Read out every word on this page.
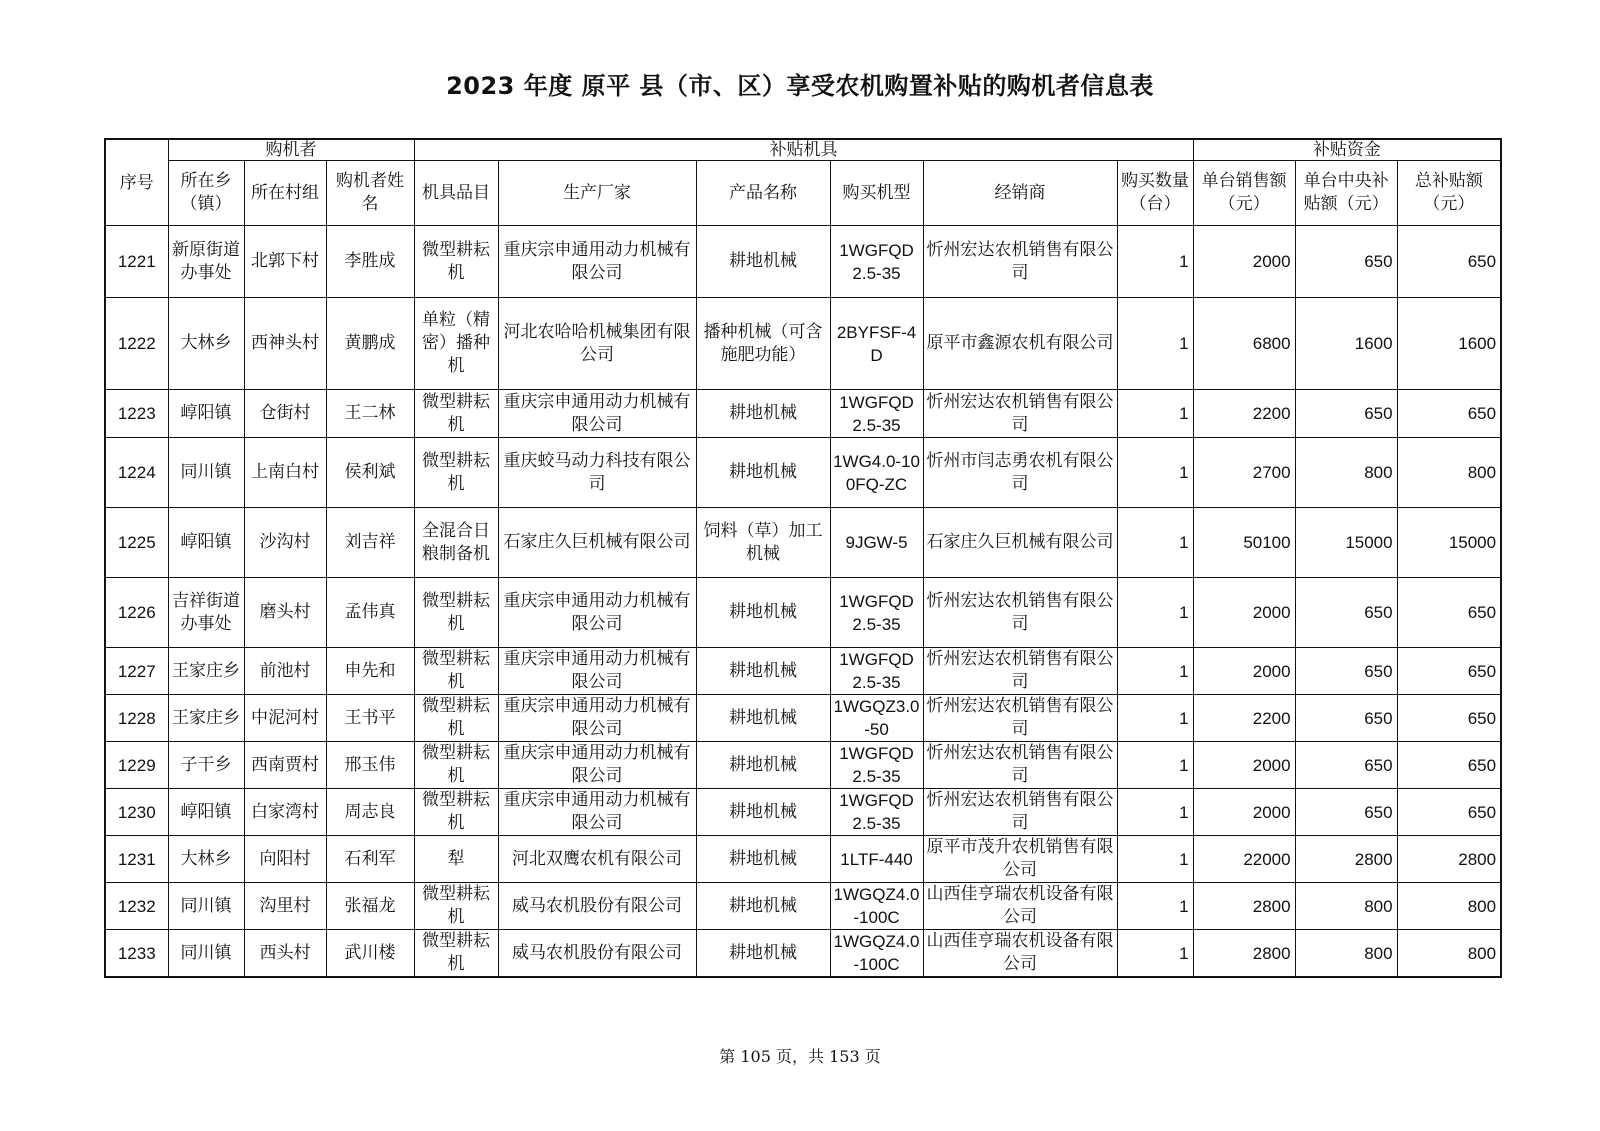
2023 年度 原平 县（市、区）享受农机购置补贴的购机者信息表
序号	购机者			补贴机具						补贴资金		
	所在乡（镇）	所在村组	购机者姓名	机具品目	生产厂家	产品名称	购买机型	经销商	购买数量（台）	单台销售额（元）	单台中央补贴额（元）	总补贴额（元）
1221	新原街道办事处	北郭下村	李胜成	微型耕耘机	重庆宗申通用动力机械有限公司	耕地机械	1WGFQD2.5-35	忻州宏达农机销售有限公司	1	2000	650	650
1222	大林乡	西神头村	黄鹏成	单粒（精密）播种机	河北农哈哈机械集团有限公司	播种机械（可含施肥功能）	2BYFSF-4D	原平市鑫源农机有限公司	1	6800	1600	1600
1223	崞阳镇	仓街村	王二林	微型耕耘机	重庆宗申通用动力机械有限公司	耕地机械	1WGFQD2.5-35	忻州宏达农机销售有限公司	1	2200	650	650
1224	同川镇	上南白村	侯利斌	微型耕耘机	重庆蛟马动力科技有限公司	耕地机械	1WG4.0-100FQ-ZC	忻州市闫志勇农机有限公司	1	2700	800	800
1225	崞阳镇	沙沟村	刘吉祥	全混合日粮制备机	石家庄久巨机械有限公司	饲料（草）加工机械	9JGW-5	石家庄久巨机械有限公司	1	50100	15000	15000
1226	吉祥街道办事处	磨头村	孟伟真	微型耕耘机	重庆宗申通用动力机械有限公司	耕地机械	1WGFQD2.5-35	忻州宏达农机销售有限公司	1	2000	650	650
1227	王家庄乡	前池村	申先和	微型耕耘机	重庆宗申通用动力机械有限公司	耕地机械	1WGFQD2.5-35	忻州宏达农机销售有限公司	1	2000	650	650
1228	王家庄乡	中泥河村	王书平	微型耕耘机	重庆宗申通用动力机械有限公司	耕地机械	1WGQZ3.0-50	忻州宏达农机销售有限公司	1	2200	650	650
1229	子干乡	西南贾村	邢玉伟	微型耕耘机	重庆宗申通用动力机械有限公司	耕地机械	1WGFQD2.5-35	忻州宏达农机销售有限公司	1	2000	650	650
1230	崞阳镇	白家湾村	周志良	微型耕耘机	重庆宗申通用动力机械有限公司	耕地机械	1WGFQD2.5-35	忻州宏达农机销售有限公司	1	2000	650	650
1231	大林乡	向阳村	石利军	犁	河北双鹰农机有限公司	耕地机械	1LTF-440	原平市茂升农机销售有限公司	1	22000	2800	2800
1232	同川镇	沟里村	张福龙	微型耕耘机	威马农机股份有限公司	耕地机械	1WGQZ4.0-100C	山西佳亨瑞农机设备有限公司	1	2800	800	800
1233	同川镇	西头村	武川楼	微型耕耘机	威马农机股份有限公司	耕地机械	1WGQZ4.0-100C	山西佳亨瑞农机设备有限公司	1	2800	800	800
第 105 页，共 153 页
